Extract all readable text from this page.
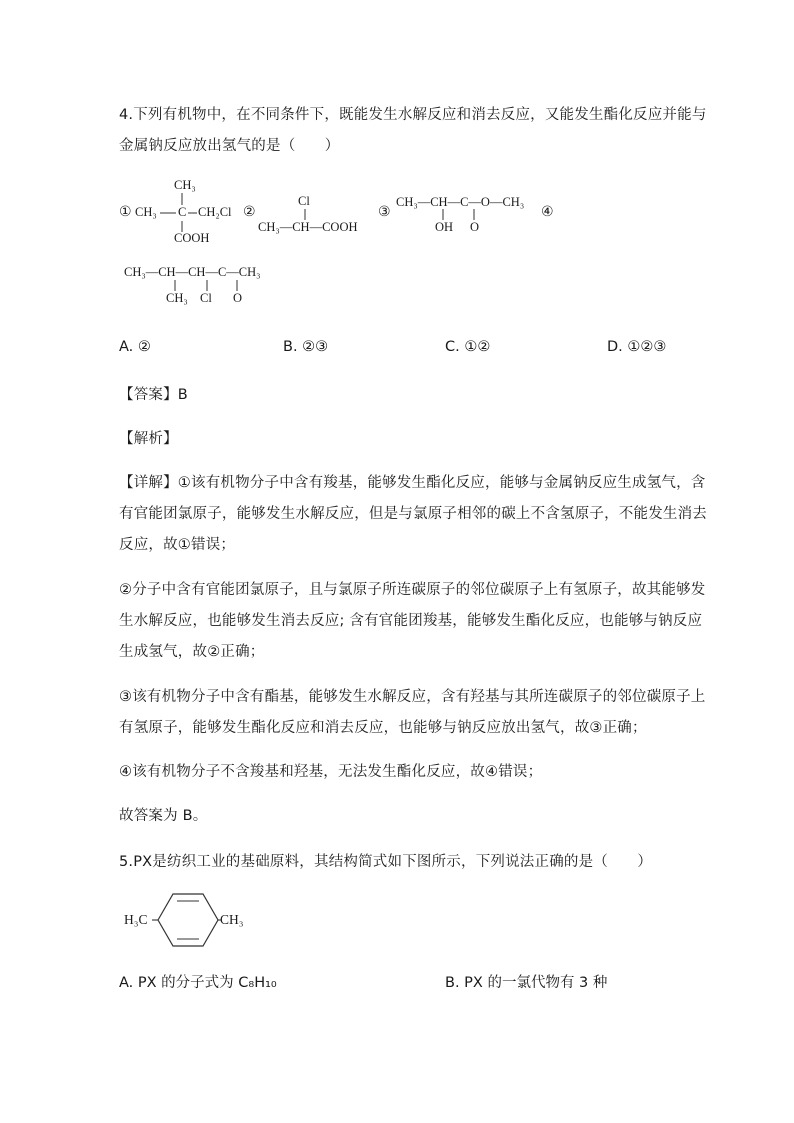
4.下列有机物中，在不同条件下，既能发生水解反应和消去反应，又能发生酯化反应并能与
金属钠反应放出氢气的是（　　）
①
CH₃
CH₃ C CH₂Cl
COOH
②
Cl
CH₃—CH—COOH
③
CH₃—CH—C—O—CH₃
OH O
④
CH₃—CH—CH—C—CH₃
CH₃ Cl O
A. ②	B. ②③	C. ①②	D. ①②③
【答案】B
【解析】
【详解】①该有机物分子中含有羧基，能够发生酯化反应，能够与金属钠反应生成氢气，含
有官能团氯原子，能够发生水解反应，但是与氯原子相邻的碳上不含氢原子，不能发生消去
反应，故①错误；
②分子中含有官能团氯原子，且与氯原子所连碳原子的邻位碳原子上有氢原子，故其能够发
生水解反应，也能够发生消去反应; 含有官能团羧基，能够发生酯化反应，也能够与钠反应
生成氢气，故②正确；
③该有机物分子中含有酯基，能够发生水解反应，含有羟基与其所连碳原子的邻位碳原子上
有氢原子，能够发生酯化反应和消去反应，也能够与钠反应放出氢气，故③正确；
④该有机物分子不含羧基和羟基，无法发生酯化反应，故④错误；
故答案为 B。
5.PX是纺织工业的基础原料，其结构简式如下图所示，下列说法正确的是（　　）
H₃C	CH₃
A. PX 的分子式为 C₈H₁₀	B. PX 的一氯代物有 3 种
